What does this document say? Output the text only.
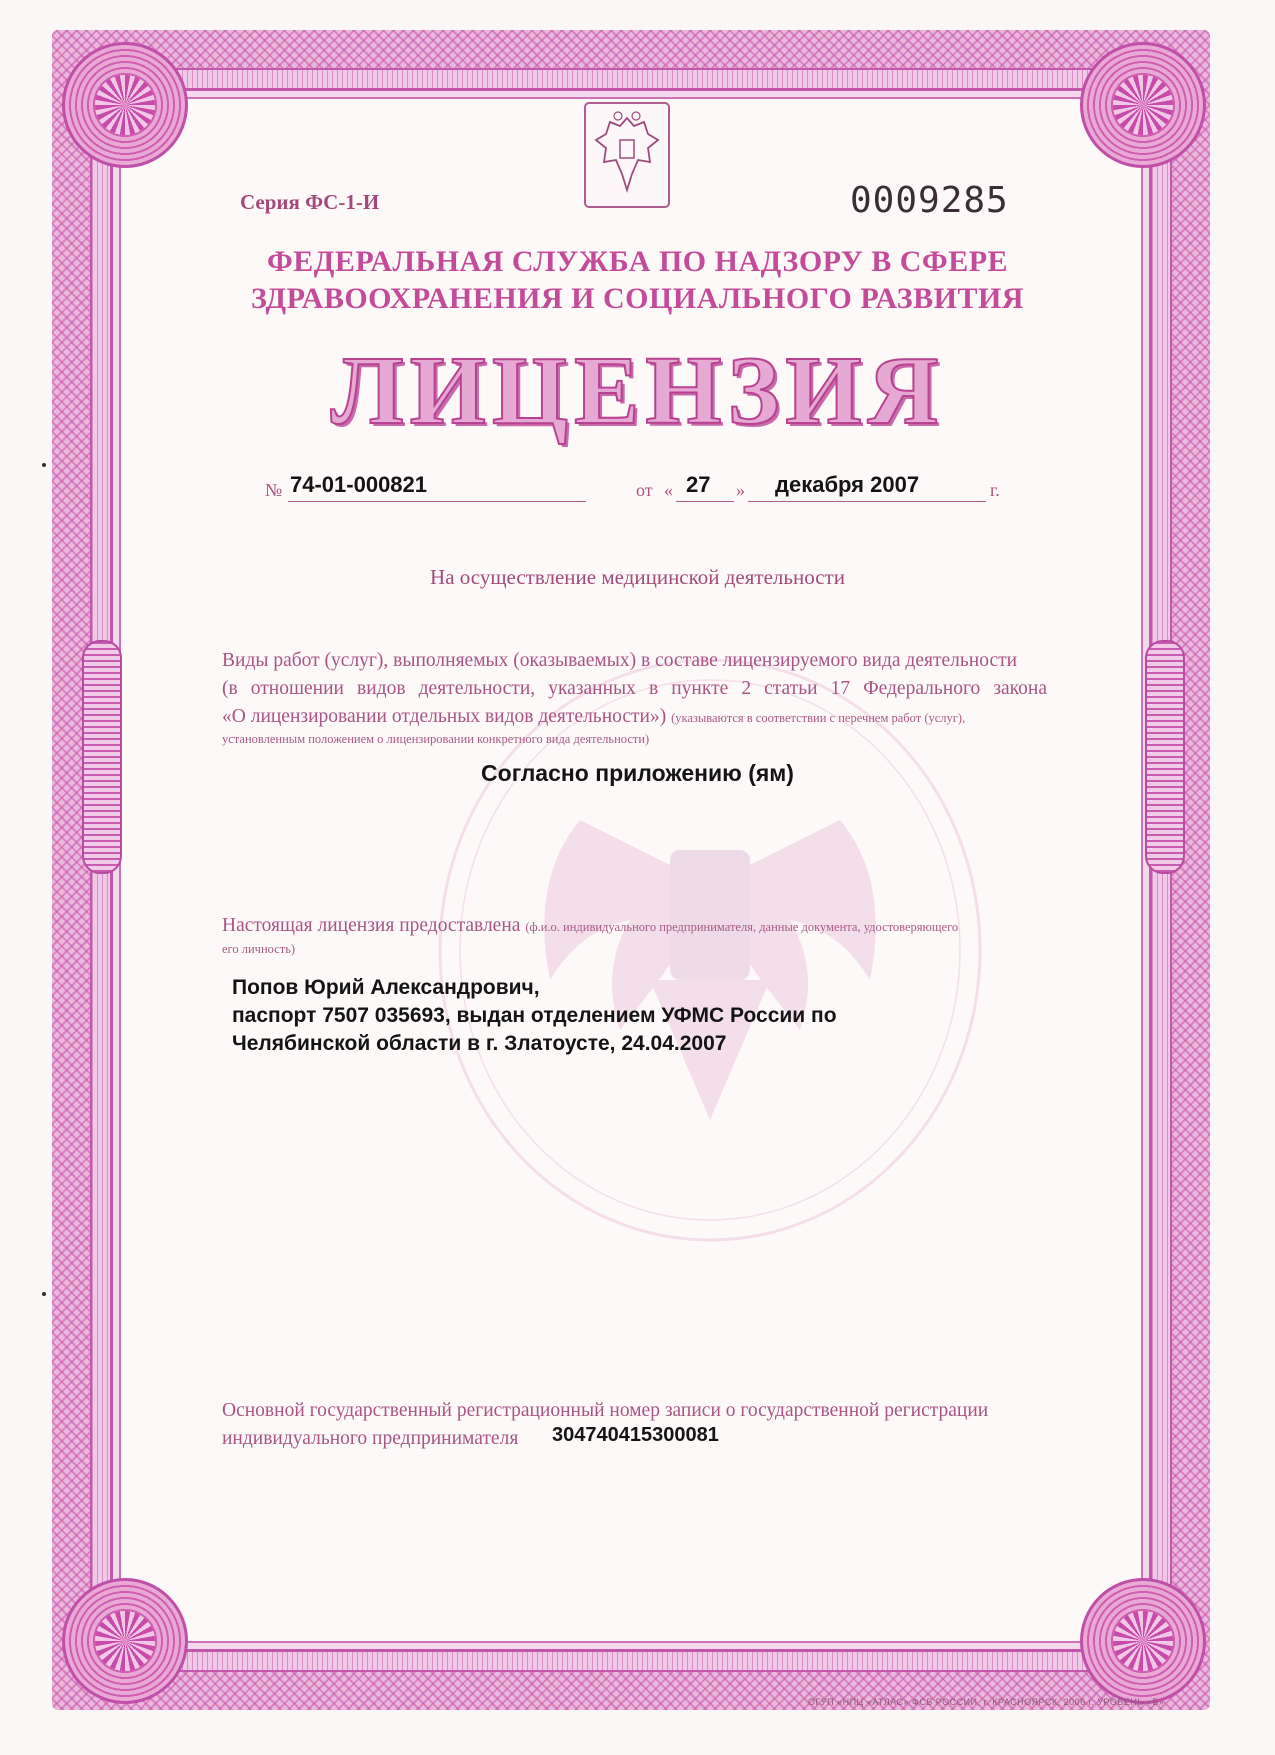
Серия ФС-1-И	0009285
ФЕДЕРАЛЬНАЯ СЛУЖБА ПО НАДЗОРУ В СФЕРЕ
ЗДРАВООХРАНЕНИЯ И СОЦИАЛЬНОГО РАЗВИТИЯ
ЛИЦЕНЗИЯ
№ 74-01-000821	от « 27 » декабря 2007	г.
На осуществление медицинской деятельности
Виды работ (услуг), выполняемых (оказываемых) в составе лицензируемого вида деятельности
(в отношении видов деятельности, указанных в пункте 2 статьи 17 Федерального закона
«О лицензировании отдельных видов деятельности») (указываются в соответствии с перечнем работ (услуг),
установленным положением о лицензировании конкретного вида деятельности)
Согласно приложению (ям)
Настоящая лицензия предоставлена (ф.и.о. индивидуального предпринимателя, данные документа, удостоверяющего
его личность)
Попов Юрий Александрович,
паспорт 7507 035693, выдан отделением УФМС России по
Челябинской области в г. Златоусте, 24.04.2007
Основной государственный регистрационный номер записи о государственной регистрации
индивидуального предпринимателя 304740415300081
ОГУП «НПЦ «АТЛАС» ФСБ РОССИИ, г. КРАСНОЯРСК, 2006 г. УРОВЕНЬ «Б»
